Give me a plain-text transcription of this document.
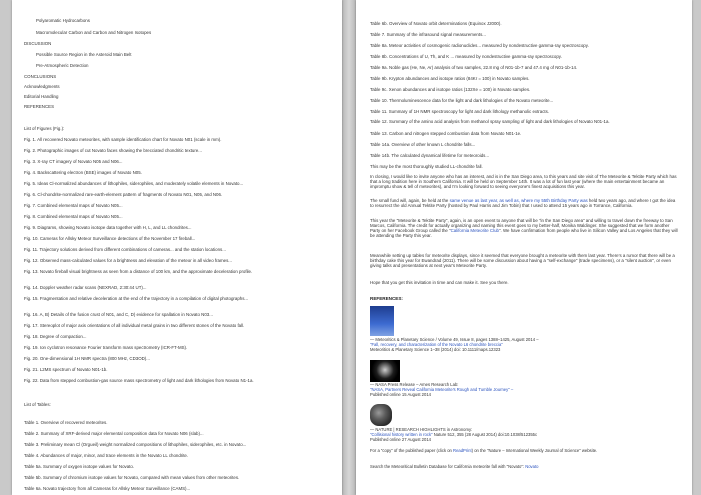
Polyaromatic Hydrocarbons
Macromolecular Carbon and Carbon and Nitrogen Isotopes
DISCUSSION
Possible Source Region in the Asteroid Main Belt
Pre-Atmospheric Detection
CONCLUSIONS
Acknowledgments
Editorial Handling
REFERENCES
List of Figures (Fig.):
Fig. 1. All recovered Novato meteorites, with sample identification chart for Novato N01 (scale in mm).
Fig. 2. Photographic images of cut Novato faces showing the brecciated chondritic texture...
Fig. 3. X-ray CT imagery of Novato N05 and N06...
Fig. 4. Backscattering electron (BSE) images of Novato N05.
Fig. 5. Ideas Cl-normalized abundances of lithophiles, siderophiles, and moderately volatile elements in Novato...
Fig. 6. Cl-chondrite-normalized rare-earth-element pattern of fragments of Novato N01, N05, and N06.
Fig. 7. Combined elemental maps of Novato N05...
Fig. 8. Combined elemental maps of Novato N05...
Fig. 9. Diagrams, showing Novato isotope data together with H, L, and LL chondrites...
Fig. 10. Cameras for Allsky Meteor Surveillance detections of the November 17 fireball...
Fig. 11. Trajectory solutions derived from different combinations of cameras... and the station locations...
Fig. 12. Observed mass-calculated values for a brightness and elevation of the meteor in all video frames...
Fig. 13. Novato fireball visual brightness as seen from a distance of 100 km, and the approximate deceleration profile.
Fig. 14. Doppler weather radar scans (NEXRAD, 2:30:44 UT)...
Fig. 15. Fragmentation and relative deceleration at the end of the trajectory in a compilation of digital photographs...
Fig. 16. A, B) Details of the fusion crust of N01, and C, D) evidence for spallation in Novato N03...
Fig. 17. Stereoplot of major axis orientations of all individual metal grains in two different stones of the Novato fall.
Fig. 18. Degree of compaction...
Fig. 19. Ion cyclotron resonance Fourier transform mass spectrometry (ICR-FT-MS).
Fig. 20. One-dimensional 1H NMR spectra (800 MHz, CD3OD)...
Fig. 21. L2MS spectrum of Novato N01-1b.
Fig. 22. Data from stepped combustion-gas source mass spectrometry of light and dark lithologies from Novato N1-1a.
List of Tables:
Table 1. Overview of recovered meteorites.
Table 2. Summary of XRF-derived major elemental composition data for Novato N06 (slab)...
Table 3. Preliminary mean Cl (Orgueil) weight normalized compositions of lithophiles, siderophiles, etc. in Novato...
Table 4. Abundances of major, minor, and trace elements in the Novato LL chondrite.
Table 5a. Summary of oxygen isotope values for Novato.
Table 5b. Summary of chromium isotope values for Novato, compared with mean values from other meteorites.
Table 6a. Novato trajectory from all Cameras for Allsky Meteor Surveillance (CAMS)...
Table 6b. Overview of Novato orbit determinations (Equinox J2000).
Table 7. Summary of the infrasound signal measurements...
Table 8a. Meteor activities of cosmogenic radionuclides... measured by nondestructive gamma-ray spectroscopy.
Table 8b. Concentrations of U, Th, and K ... measured by nondestructive gamma-ray spectroscopy.
Table 9a. Noble gas (He, Ne, Ar) analysis of two samples, 22.8 mg of N01-1b-7 and 47.4 mg of N01-1b-14.
Table 9b. Krypton abundances and isotope ratios (84Kr = 100) in Novato samples.
Table 9c. Xenon abundances and isotope ratios (132Xe = 100) in Novato samples.
Table 10. Thermoluminescence data for the light and dark lithologies of the Novato meteorite...
Table 11. Summary of 1H NMR spectroscopy for light and dark lithology methanolic extracts.
Table 12. Summary of the amino acid analysis from methanol spray sampling of light and dark lithologies of Novato N01-1a.
Table 13. Carbon and nitrogen stepped combustion data from Novato N01-1e.
Table 14a. Overview of other known L chondrite falls...
Table 14b. The calculated dynamical lifetime for meteoroids...
This may be the most thoroughly studied LL-chondrite fall.
In closing, I would like to invite anyone who has an interest, and is in the San Diego area, to this years and site visit of The Meteorite & Tektite Party which has that a long tradition here in Southern California. It will be held on September 14th. It was a lot of fun last year (where the main entertainment became an impromptu show & tell of meteorites), and I'm looking forward to seeing everyone's finest acquisitions this year.
The small fund will, again, be held at the same venue as last year, as well as, where my 55th Birthday Party was held two years ago, and where I got the idea to resurrect the old Annual Tektite Party (hosted by Paul Harris and Jim Tobin) that I used to attend 15 years ago in Torrance, California.
This year the "Meteorite & Tektite Party", again, is an open event to anyone that will be "in the San Diego area" and willing to travel down the freeway to San Marcos, California. The credit for actually organizing and naming this event goes to my better-half, Monika Waldinger. She suggested that we form another Party on her Facebook Group called the "California Meteorite Club". We have confirmation from people who live in Silicon Valley and Los Angeles that they will be attending the Party this year.
Meanwhile setting up tables for meteorite displays, since it seemed that everyone brought a meteorite with them last year. There's a rumor that there will be a birthday cake this year for Ewandrad (2011). There will be some discussion about having a "self-exchange" (trade specimens), or a "silent auction", or even giving talks and presentations at next year's Meteorite Party.
Hope that you get this invitation in time and can make it. See you there.
REFERENCES:
— Meteoritics & Planetary Science / Volume 49, Issue 8, pages 1388–1425, August 2014 –
"Fall, recovery, and characterization of the Novato L6 chondrite breccia"
Meteoritics & Planetary Science 1–38 (2014) doi: 10.1111/maps.12323
— NASA Press Release – Ames Research Lab:
"NASA, Partners Reveal California Meteorite's Rough and Tumble Journey" –
Published online 15 August 2014
— NATURE | RESEARCH HIGHLIGHTS in Astronomy:
"Collisional history written in rock" Nature 512, 355 (28 August 2014) doi:10.1038/512355c
Published online 27 August 2014
For a "copy" of the published paper (click on ReadPrint) on the "Nature – International Weekly Journal of Science" website.
Search the Meteoritical Bulletin Database for California meteorite fall with "Novato": Novato
